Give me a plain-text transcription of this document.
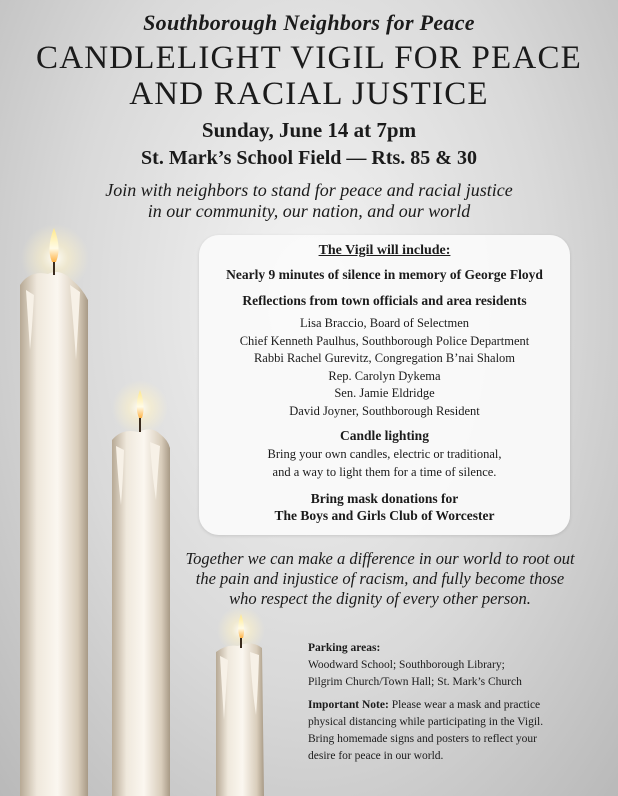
Southborough Neighbors for Peace
CANDLELIGHT VIGIL FOR PEACE
AND RACIAL JUSTICE
Sunday, June 14 at 7pm
St. Mark’s School Field — Rts. 85 & 30
Join with neighbors to stand for peace and racial justice
in our community, our nation, and our world
The Vigil will include:
Nearly 9 minutes of silence in memory of George Floyd
Reflections from town officials and area residents
Lisa Braccio, Board of Selectmen
Chief Kenneth Paulhus, Southborough Police Department
Rabbi Rachel Gurevitz, Congregation B’nai Shalom
Rep. Carolyn Dykema
Sen. Jamie Eldridge
David Joyner, Southborough Resident
Candle lighting
Bring your own candles, electric or traditional,
and a way to light them for a time of silence.
Bring mask donations for
The Boys and Girls Club of Worcester
Together we can make a difference in our world to root out
the pain and injustice of racism, and fully become those
who respect the dignity of every other person.
Parking areas:
Woodward School; Southborough Library;
Pilgrim Church/Town Hall; St. Mark’s Church
Important Note: Please wear a mask and practice
physical distancing while participating in the Vigil.
Bring homemade signs and posters to reflect your
desire for peace in our world.
